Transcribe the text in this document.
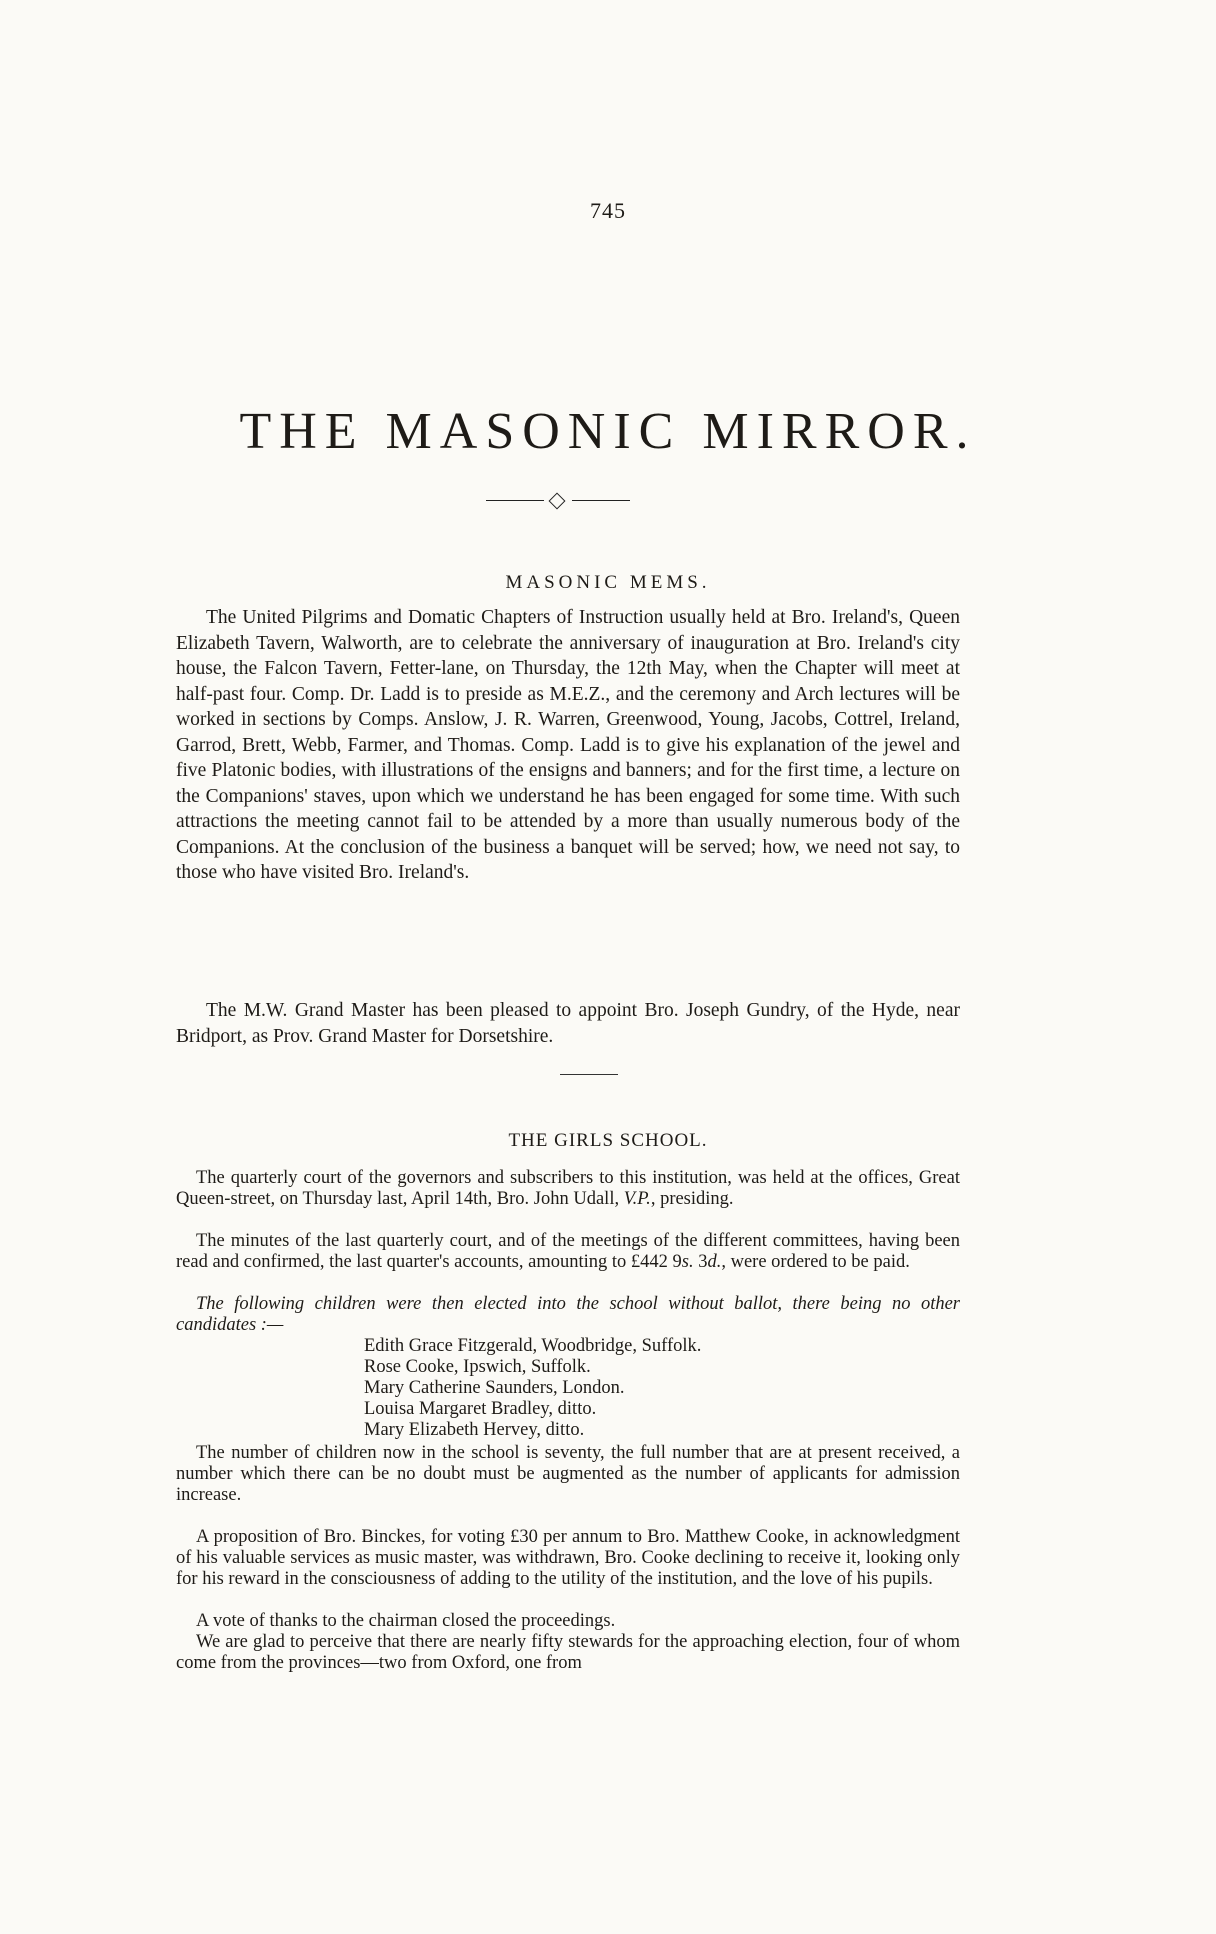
745
THE MASONIC MIRROR.
MASONIC MEMS.

The United Pilgrims and Domatic Chapters of Instruction usually held at Bro. Ireland's, Queen Elizabeth Tavern, Walworth, are to celebrate the anniversary of inauguration at Bro. Ireland's city house, the Falcon Tavern, Fetter-lane, on Thursday, the 12th May, when the Chapter will meet at half-past four. Comp. Dr. Ladd is to preside as M.E.Z., and the ceremony and Arch lectures will be worked in sections by Comps. Anslow, J. R. Warren, Greenwood, Young, Jacobs, Cottrel, Ireland, Garrod, Brett, Webb, Farmer, and Thomas. Comp. Ladd is to give his explanation of the jewel and five Platonic bodies, with illustrations of the ensigns and banners; and for the first time, a lecture on the Companions' staves, upon which we understand he has been engaged for some time. With such attractions the meeting cannot fail to be attended by a more than usually numerous body of the Companions. At the conclusion of the business a banquet will be served; how, we need not say, to those who have visited Bro. Ireland's.

The M.W. Grand Master has been pleased to appoint Bro. Joseph Gundry, of the Hyde, near Bridport, as Prov. Grand Master for Dorsetshire.

THE GIRLS SCHOOL.

The quarterly court of the governors and subscribers to this institution, was held at the offices, Great Queen-street, on Thursday last, April 14th, Bro. John Udall, V.P., presiding.

The minutes of the last quarterly court, and of the meetings of the different committees, having been read and confirmed, the last quarter's accounts, amounting to £442 9s. 3d., were ordered to be paid.

The following children were then elected into the school without ballot, there being no other candidates :—

Edith Grace Fitzgerald, Woodbridge, Suffolk.
Rose Cooke, Ipswich, Suffolk.
Mary Catherine Saunders, London.
Louisa Margaret Bradley, ditto.
Mary Elizabeth Hervey, ditto.

The number of children now in the school is seventy, the full number that are at present received, a number which there can be no doubt must be augmented as the number of applicants for admission increase.

A proposition of Bro. Binckes, for voting £30 per annum to Bro. Matthew Cooke, in acknowledgment of his valuable services as music master, was withdrawn, Bro. Cooke declining to receive it, looking only for his reward in the consciousness of adding to the utility of the institution, and the love of his pupils.

A vote of thanks to the chairman closed the proceedings.

We are glad to perceive that there are nearly fifty stewards for the approaching election, four of whom come from the provinces—two from Oxford, one from
